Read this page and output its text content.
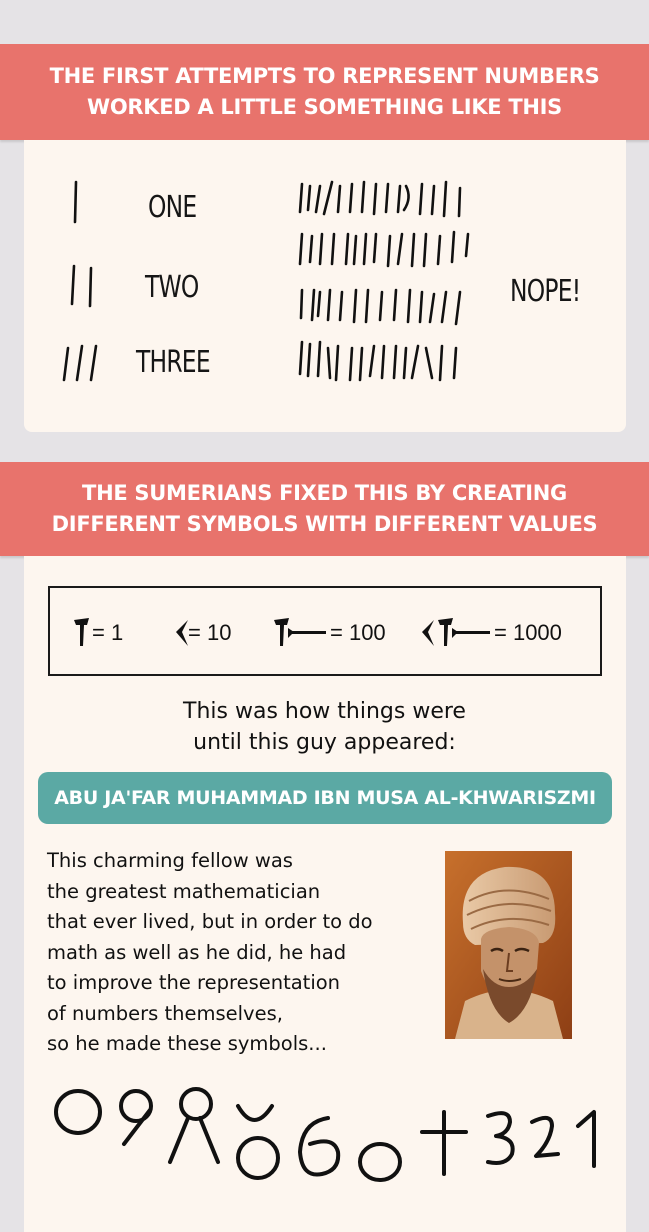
THE FIRST ATTEMPTS TO REPRESENT NUMBERS
WORKED A LITTLE SOMETHING LIKE THIS
ONE
TWO
THREE
NOPE!
THE SUMERIANS FIXED THIS BY CREATING
DIFFERENT SYMBOLS WITH DIFFERENT VALUES
= 1	= 10	= 100	= 1000
This was how things were
until this guy appeared:
ABU JA'FAR MUHAMMAD IBN MUSA AL-KHWARISZMI
This charming fellow was
the greatest mathematician
that ever lived, but in order to do
math as well as he did, he had
to improve the representation
of numbers themselves,
so he made these symbols...
